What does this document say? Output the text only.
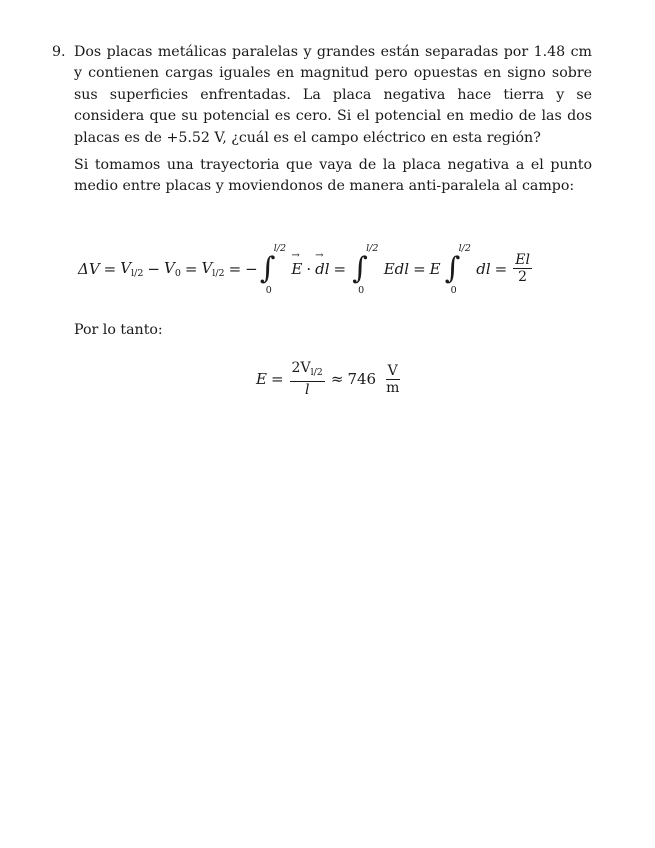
9. Dos placas metálicas paralelas y grandes están separadas por 1.48 cm y contienen cargas iguales en magnitud pero opuestas en signo sobre sus superficies enfrentadas. La placa negativa hace tierra y se considera que su potencial es cero. Si el potencial en medio de las dos placas es de +5.52 V, ¿cuál es el campo eléctrico en esta región?
Si tomamos una trayectoria que vaya de la placa negativa a el punto medio entre placas y moviendonos de manera anti-paralela al campo:
$\Delta V = V_{l/2} - V_0 = V_{l/2}$ = − ∫
l/2
0
→ E ·
→ dl = ∫
l/2
0
Edl = E ∫
l/2
0
dl = $\frac{El}{2}$
Por lo tanto:
$E = \frac{2V_{l/2}}{l} \approx 746 \frac{V}{m}$
